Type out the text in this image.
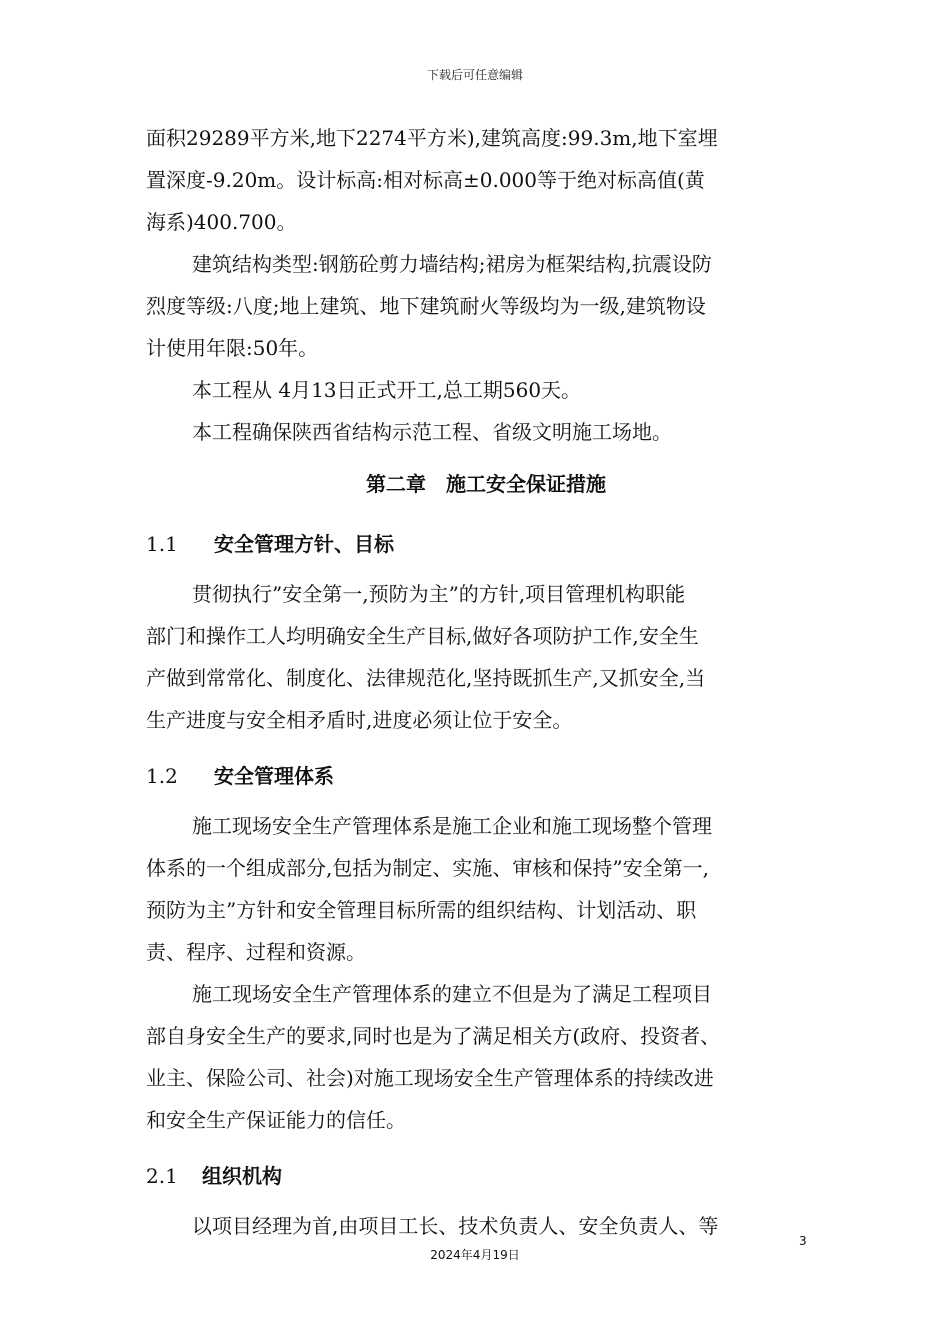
下载后可任意编辑

面积29289平方米,地下2274平方米),建筑高度:99.3m,地下室埋
置深度-9.20m。设计标高:相对标高±0.000等于绝对标高值(黄
海系)400.700。

建筑结构类型:钢筋砼剪力墙结构;裙房为框架结构,抗震设防
烈度等级:八度;地上建筑、地下建筑耐火等级均为一级,建筑物设
计使用年限:50年。

本工程从 4月13日正式开工,总工期560天。

本工程确保陕西省结构示范工程、省级文明施工场地。

第二章　施工安全保证措施
1.1	安全管理方针、目标

贯彻执行”安全第一,预防为主”的方针,项目管理机构职能
部门和操作工人均明确安全生产目标,做好各项防护工作,安全生
产做到常常化、制度化、法律规范化,坚持既抓生产,又抓安全,当
生产进度与安全相矛盾时,进度必须让位于安全。

1.2	安全管理体系

施工现场安全生产管理体系是施工企业和施工现场整个管理
体系的一个组成部分,包括为制定、实施、审核和保持”安全第一,
预防为主”方针和安全管理目标所需的组织结构、计划活动、职
责、程序、过程和资源。

施工现场安全生产管理体系的建立不但是为了满足工程项目
部自身安全生产的要求,同时也是为了满足相关方(政府、投资者、
业主、保险公司、社会)对施工现场安全生产管理体系的持续改进
和安全生产保证能力的信任。

2.1	组织机构

以项目经理为首,由项目工长、技术负责人、安全负责人、等

3
2024年4月19日
